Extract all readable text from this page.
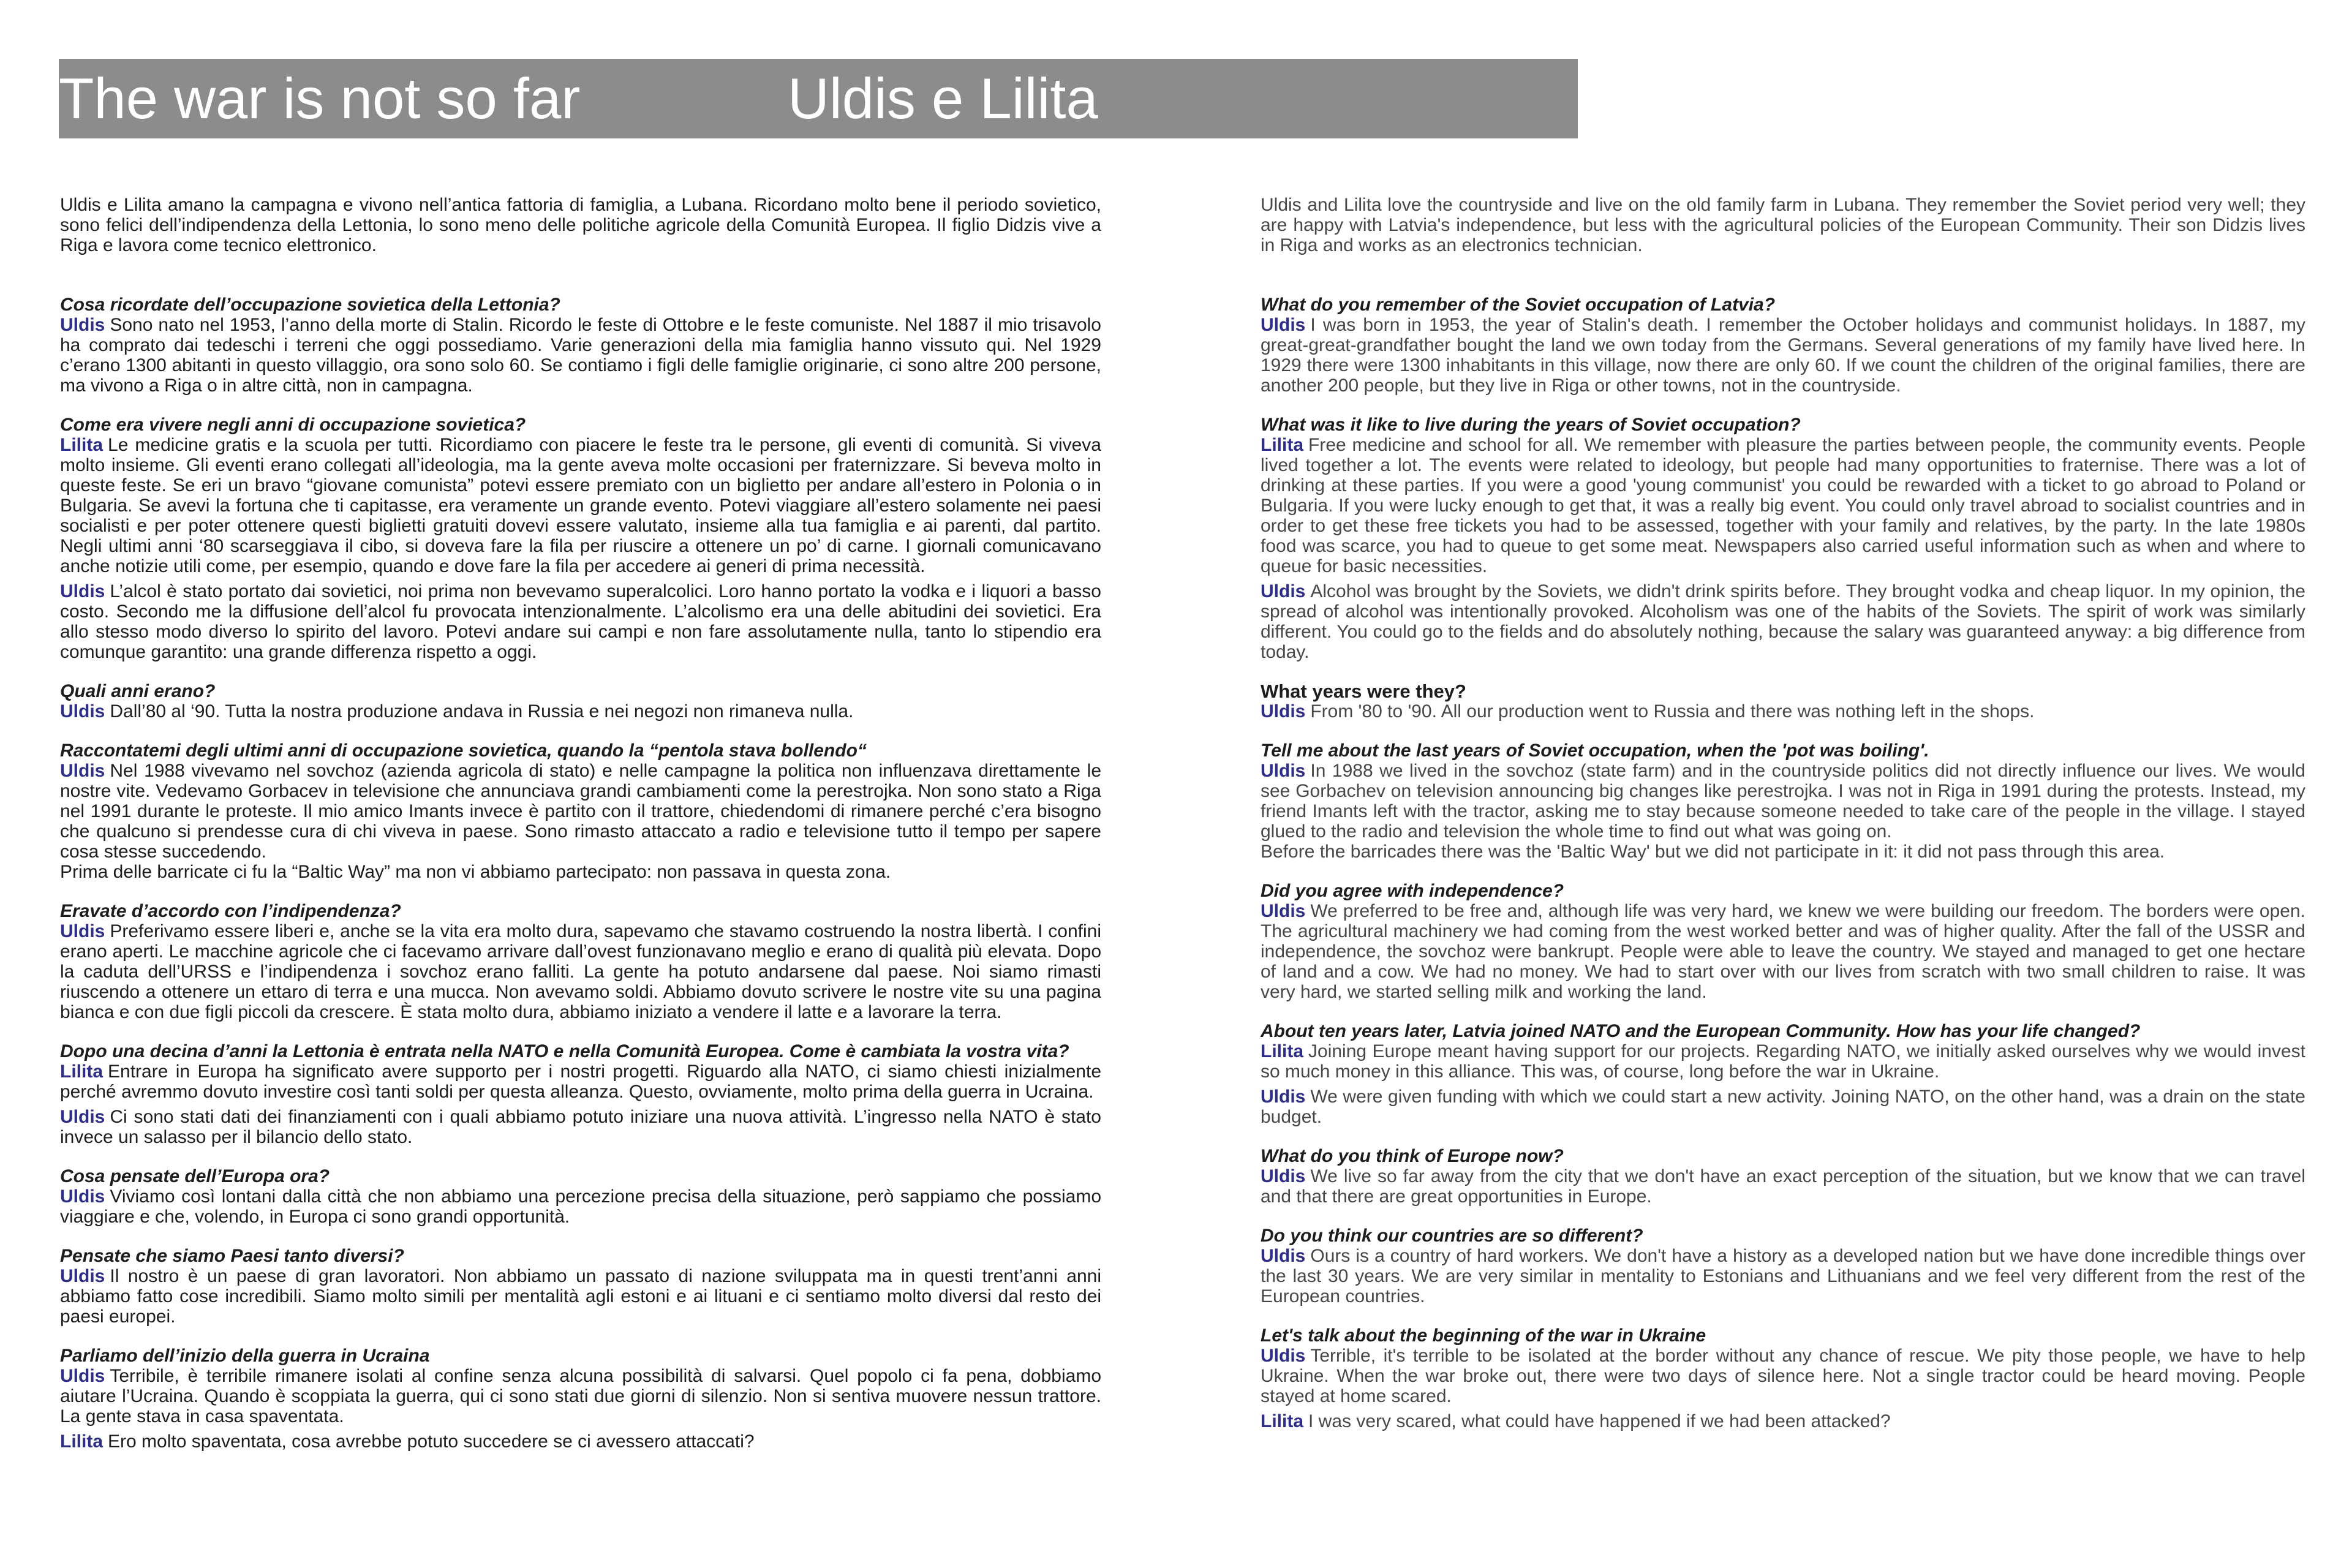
The war is not so far	Uldis e Lilita

Uldis e Lilita amano la campagna e vivono nell’antica fattoria di famiglia, a Lubana. Ricordano molto bene il periodo sovietico, sono felici dell’indipendenza della Lettonia, lo sono meno delle politiche agricole della Comunità Europea. Il figlio Didzis vive a Riga e lavora come tecnico elettronico.

Cosa ricordate dell’occupazione sovietica della Lettonia?

Uldis Sono nato nel 1953, l’anno della morte di Stalin. Ricordo le feste di Ottobre e le feste comuniste. Nel 1887 il mio trisavolo ha comprato dai tedeschi i terreni che oggi possediamo. Varie generazioni della mia famiglia hanno vissuto qui. Nel 1929 c’erano 1300 abitanti in questo villaggio, ora sono solo 60. Se contiamo i figli delle famiglie originarie, ci sono altre 200 persone, ma vivono a Riga o in altre città, non in campagna.

Come era vivere negli anni di occupazione sovietica?

Lilita Le medicine gratis e la scuola per tutti. Ricordiamo con piacere le feste tra le persone, gli eventi di comunità. Si viveva molto insieme. Gli eventi erano collegati all’ideologia, ma la gente aveva molte occasioni per fraternizzare. Si beveva molto in queste feste. Se eri un bravo “giovane comunista” potevi essere premiato con un biglietto per andare all’estero in Polonia o in Bulgaria. Se avevi la fortuna che ti capitasse, era veramente un grande evento. Potevi viaggiare all’estero solamente nei paesi socialisti e per poter ottenere questi biglietti gratuiti dovevi essere valutato, insieme alla tua famiglia e ai parenti, dal partito. Negli ultimi anni ‘80 scarseggiava il cibo, si doveva fare la fila per riuscire a ottenere un po’ di carne. I giornali comunicavano anche notizie utili come, per esempio, quando e dove fare la fila per accedere ai generi di prima necessità.

Uldis L’alcol è stato portato dai sovietici, noi prima non bevevamo superalcolici. Loro hanno portato la vodka e i liquori a basso costo. Secondo me la diffusione dell’alcol fu provocata intenzionalmente. L’alcolismo era una delle abitudini dei sovietici. Era allo stesso modo diverso lo spirito del lavoro. Potevi andare sui campi e non fare assolutamente nulla, tanto lo stipendio era comunque garantito: una grande differenza rispetto a oggi.

Quali anni erano?

Uldis Dall’80 al ‘90. Tutta la nostra produzione andava in Russia e nei negozi non rimaneva nulla.

Raccontatemi degli ultimi anni di occupazione sovietica, quando la “pentola stava bollendo“

Uldis Nel 1988 vivevamo nel sovchoz (azienda agricola di stato) e nelle campagne la politica non influenzava direttamente le nostre vite. Vedevamo Gorbacev in televisione che annunciava grandi cambiamenti come la perestrojka. Non sono stato a Riga nel 1991 durante le proteste. Il mio amico Imants invece è partito con il trattore, chiedendomi di rimanere perché c’era bisogno che qualcuno si prendesse cura di chi viveva in paese. Sono rimasto attaccato a radio e televisione tutto il tempo per sapere cosa stesse succedendo.
Prima delle barricate ci fu la “Baltic Way” ma non vi abbiamo partecipato: non passava in questa zona.

Eravate d’accordo con l’indipendenza?

Uldis Preferivamo essere liberi e, anche se la vita era molto dura, sapevamo che stavamo costruendo la nostra libertà. I confini erano aperti. Le macchine agricole che ci facevamo arrivare dall’ovest funzionavano meglio e erano di qualità più elevata. Dopo la caduta dell’URSS e l’indipendenza i sovchoz erano falliti. La gente ha potuto andarsene dal paese. Noi siamo rimasti riuscendo a ottenere un ettaro di terra e una mucca. Non avevamo soldi. Abbiamo dovuto scrivere le nostre vite su una pagina bianca e con due figli piccoli da crescere. È stata molto dura, abbiamo iniziato a vendere il latte e a lavorare la terra.

Dopo una decina d’anni la Lettonia è entrata nella NATO e nella Comunità Europea. Come è cambiata la vostra vita?

Lilita Entrare in Europa ha significato avere supporto per i nostri progetti. Riguardo alla NATO, ci siamo chiesti inizialmente perché avremmo dovuto investire così tanti soldi per questa alleanza. Questo, ovviamente, molto prima della guerra in Ucraina.

Uldis Ci sono stati dati dei finanziamenti con i quali abbiamo potuto iniziare una nuova attività. L’ingresso nella NATO è stato invece un salasso per il bilancio dello stato.

Cosa pensate dell’Europa ora?

Uldis Viviamo così lontani dalla città che non abbiamo una percezione precisa della situazione, però sappiamo che possiamo viaggiare e che, volendo, in Europa ci sono grandi opportunità.

Pensate che siamo Paesi tanto diversi?

Uldis Il nostro è un paese di gran lavoratori. Non abbiamo un passato di nazione sviluppata ma in questi trent’anni anni abbiamo fatto cose incredibili. Siamo molto simili per mentalità agli estoni e ai lituani e ci sentiamo molto diversi dal resto dei paesi europei.

Parliamo dell’inizio della guerra in Ucraina

Uldis Terribile, è terribile rimanere isolati al confine senza alcuna possibilità di salvarsi. Quel popolo ci fa pena, dobbiamo aiutare l’Ucraina. Quando è scoppiata la guerra, qui ci sono stati due giorni di silenzio. Non si sentiva muovere nessun trattore. La gente stava in casa spaventata.

Lilita Ero molto spaventata, cosa avrebbe potuto succedere se ci avessero attaccati?

Uldis and Lilita love the countryside and live on the old family farm in Lubana. They remember the Soviet period very well; they are happy with Latvia's independence, but less with the agricultural policies of the European Community. Their son Didzis lives in Riga and works as an electronics technician.

What do you remember of the Soviet occupation of Latvia?

Uldis I was born in 1953, the year of Stalin's death. I remember the October holidays and communist holidays. In 1887, my great-great-grandfather bought the land we own today from the Germans. Several generations of my family have lived here. In 1929 there were 1300 inhabitants in this village, now there are only 60. If we count the children of the original families, there are another 200 people, but they live in Riga or other towns, not in the countryside.

What was it like to live during the years of Soviet occupation?

Lilita Free medicine and school for all. We remember with pleasure the parties between people, the community events. People lived together a lot. The events were related to ideology, but people had many opportunities to fraternise. There was a lot of drinking at these parties. If you were a good 'young communist' you could be rewarded with a ticket to go abroad to Poland or Bulgaria. If you were lucky enough to get that, it was a really big event. You could only travel abroad to socialist countries and in order to get these free tickets you had to be assessed, together with your family and relatives, by the party. In the late 1980s food was scarce, you had to queue to get some meat. Newspapers also carried useful information such as when and where to queue for basic necessities.

Uldis Alcohol was brought by the Soviets, we didn't drink spirits before. They brought vodka and cheap liquor. In my opinion, the spread of alcohol was intentionally provoked. Alcoholism was one of the habits of the Soviets. The spirit of work was similarly different. You could go to the fields and do absolutely nothing, because the salary was guaranteed anyway: a big difference from today.

What years were they?

Uldis From '80 to '90. All our production went to Russia and there was nothing left in the shops.

Tell me about the last years of Soviet occupation, when the 'pot was boiling'.

Uldis In 1988 we lived in the sovchoz (state farm) and in the countryside politics did not directly influence our lives. We would see Gorbachev on television announcing big changes like perestrojka. I was not in Riga in 1991 during the protests. Instead, my friend Imants left with the tractor, asking me to stay because someone needed to take care of the people in the village. I stayed glued to the radio and television the whole time to find out what was going on.
Before the barricades there was the 'Baltic Way' but we did not participate in it: it did not pass through this area.

Did you agree with independence?

Uldis We preferred to be free and, although life was very hard, we knew we were building our freedom. The borders were open. The agricultural machinery we had coming from the west worked better and was of higher quality. After the fall of the USSR and independence, the sovchoz were bankrupt. People were able to leave the country. We stayed and managed to get one hectare of land and a cow. We had no money. We had to start over with our lives from scratch with two small children to raise. It was very hard, we started selling milk and working the land.

About ten years later, Latvia joined NATO and the European Community. How has your life changed?

Lilita Joining Europe meant having support for our projects. Regarding NATO, we initially asked ourselves why we would invest so much money in this alliance. This was, of course, long before the war in Ukraine.

Uldis We were given funding with which we could start a new activity. Joining NATO, on the other hand, was a drain on the state budget.

What do you think of Europe now?

Uldis We live so far away from the city that we don't have an exact perception of the situation, but we know that we can travel and that there are great opportunities in Europe.

Do you think our countries are so different?

Uldis Ours is a country of hard workers. We don't have a history as a developed nation but we have done incredible things over the last 30 years. We are very similar in mentality to Estonians and Lithuanians and we feel very different from the rest of the European countries.

Let's talk about the beginning of the war in Ukraine

Uldis Terrible, it's terrible to be isolated at the border without any chance of rescue. We pity those people, we have to help Ukraine. When the war broke out, there were two days of silence here. Not a single tractor could be heard moving. People stayed at home scared.

Lilita I was very scared, what could have happened if we had been attacked?
